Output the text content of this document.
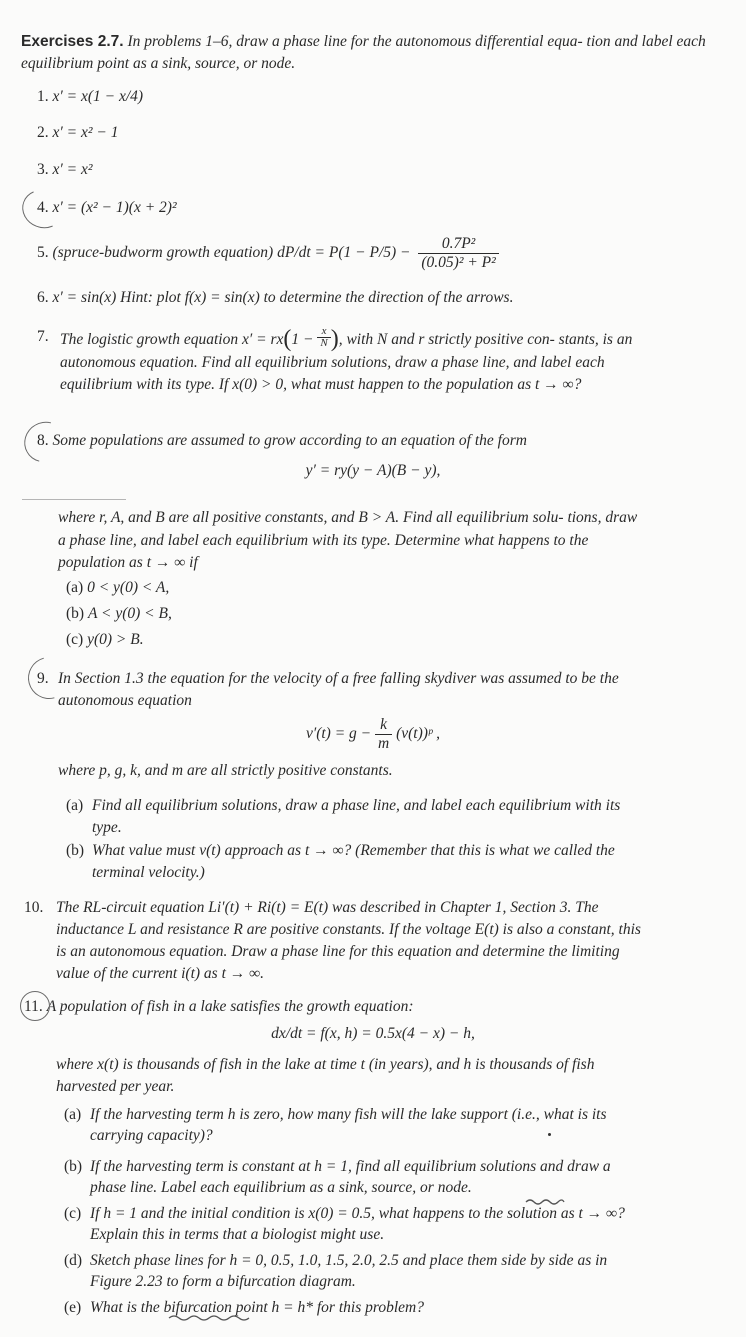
Exercises 2.7. In problems 1–6, draw a phase line for the autonomous differential equa- tion and label each equilibrium point as a sink, source, or node.
1. x′ = x(1 − x/4)
2. x′ = x² − 1
3. x′ = x²
4. x′ = (x² − 1)(x + 2)²
5. (spruce-budworm growth equation) $dP/dt = P(1 - P/5) - \frac{\text{0.7P²}}{\text{(0.05)² + P²}}$
6. x′ = sin(x) Hint: plot f(x) = sin(x) to determine the direction of the arrows.
7. The logistic growth equation $x' = rx(1 - \frac{x}{N}$ ), with N and r strictly positive con- stants, is an autonomous equation. Find all equilibrium solutions, draw a phase line, and label each equilibrium with its type. If x(0) > 0, what must happen to the population as t → ∞?
8. Some populations are assumed to grow according to an equation of the form
y′ = ry(y − A)(B − y),
where r, A, and B are all positive constants, and B > A. Find all equilibrium solu- tions, draw a phase line, and label each equilibrium with its type. Determine what happens to the population as t → ∞ if
(a) 0 < y(0) < A,
(b) A < y(0) < B,
(c) y(0) > B.
9. In Section 1.3 the equation for the velocity of a free falling skydiver was assumed to be the autonomous equation
$v'(t) = g - \frac{k}{m}$ (v(t))ᵖ ,
where p, g, k, and m are all strictly positive constants.
(a) Find all equilibrium solutions, draw a phase line, and label each equilibrium with its type.
(b) What value must v(t) approach as t → ∞? (Remember that this is what we called the terminal velocity.)
10. The RL-circuit equation Li′(t) + Ri(t) = E(t) was described in Chapter 1, Section 3. The inductance L and resistance R are positive constants. If the voltage E(t) is also a constant, this is an autonomous equation. Draw a phase line for this equation and determine the limiting value of the current i(t) as t → ∞.
11. A population of fish in a lake satisfies the growth equation:
dx/dt = f(x, h) = 0.5x(4 − x) − h,
where x(t) is thousands of fish in the lake at time t (in years), and h is thousands of fish harvested per year.
(a) If the harvesting term h is zero, how many fish will the lake support (i.e., what is its carrying capacity)?
(b) If the harvesting term is constant at h = 1, find all equilibrium solutions and draw a phase line. Label each equilibrium as a sink, source, or node.
(c) If h = 1 and the initial condition is x(0) = 0.5, what happens to the solution as t → ∞? Explain this in terms that a biologist might use.
(d) Sketch phase lines for h = 0, 0.5, 1.0, 1.5, 2.0, 2.5 and place them side by side as in Figure 2.23 to form a bifurcation diagram.
(e) What is the bifurcation point h = h* for this problem?
